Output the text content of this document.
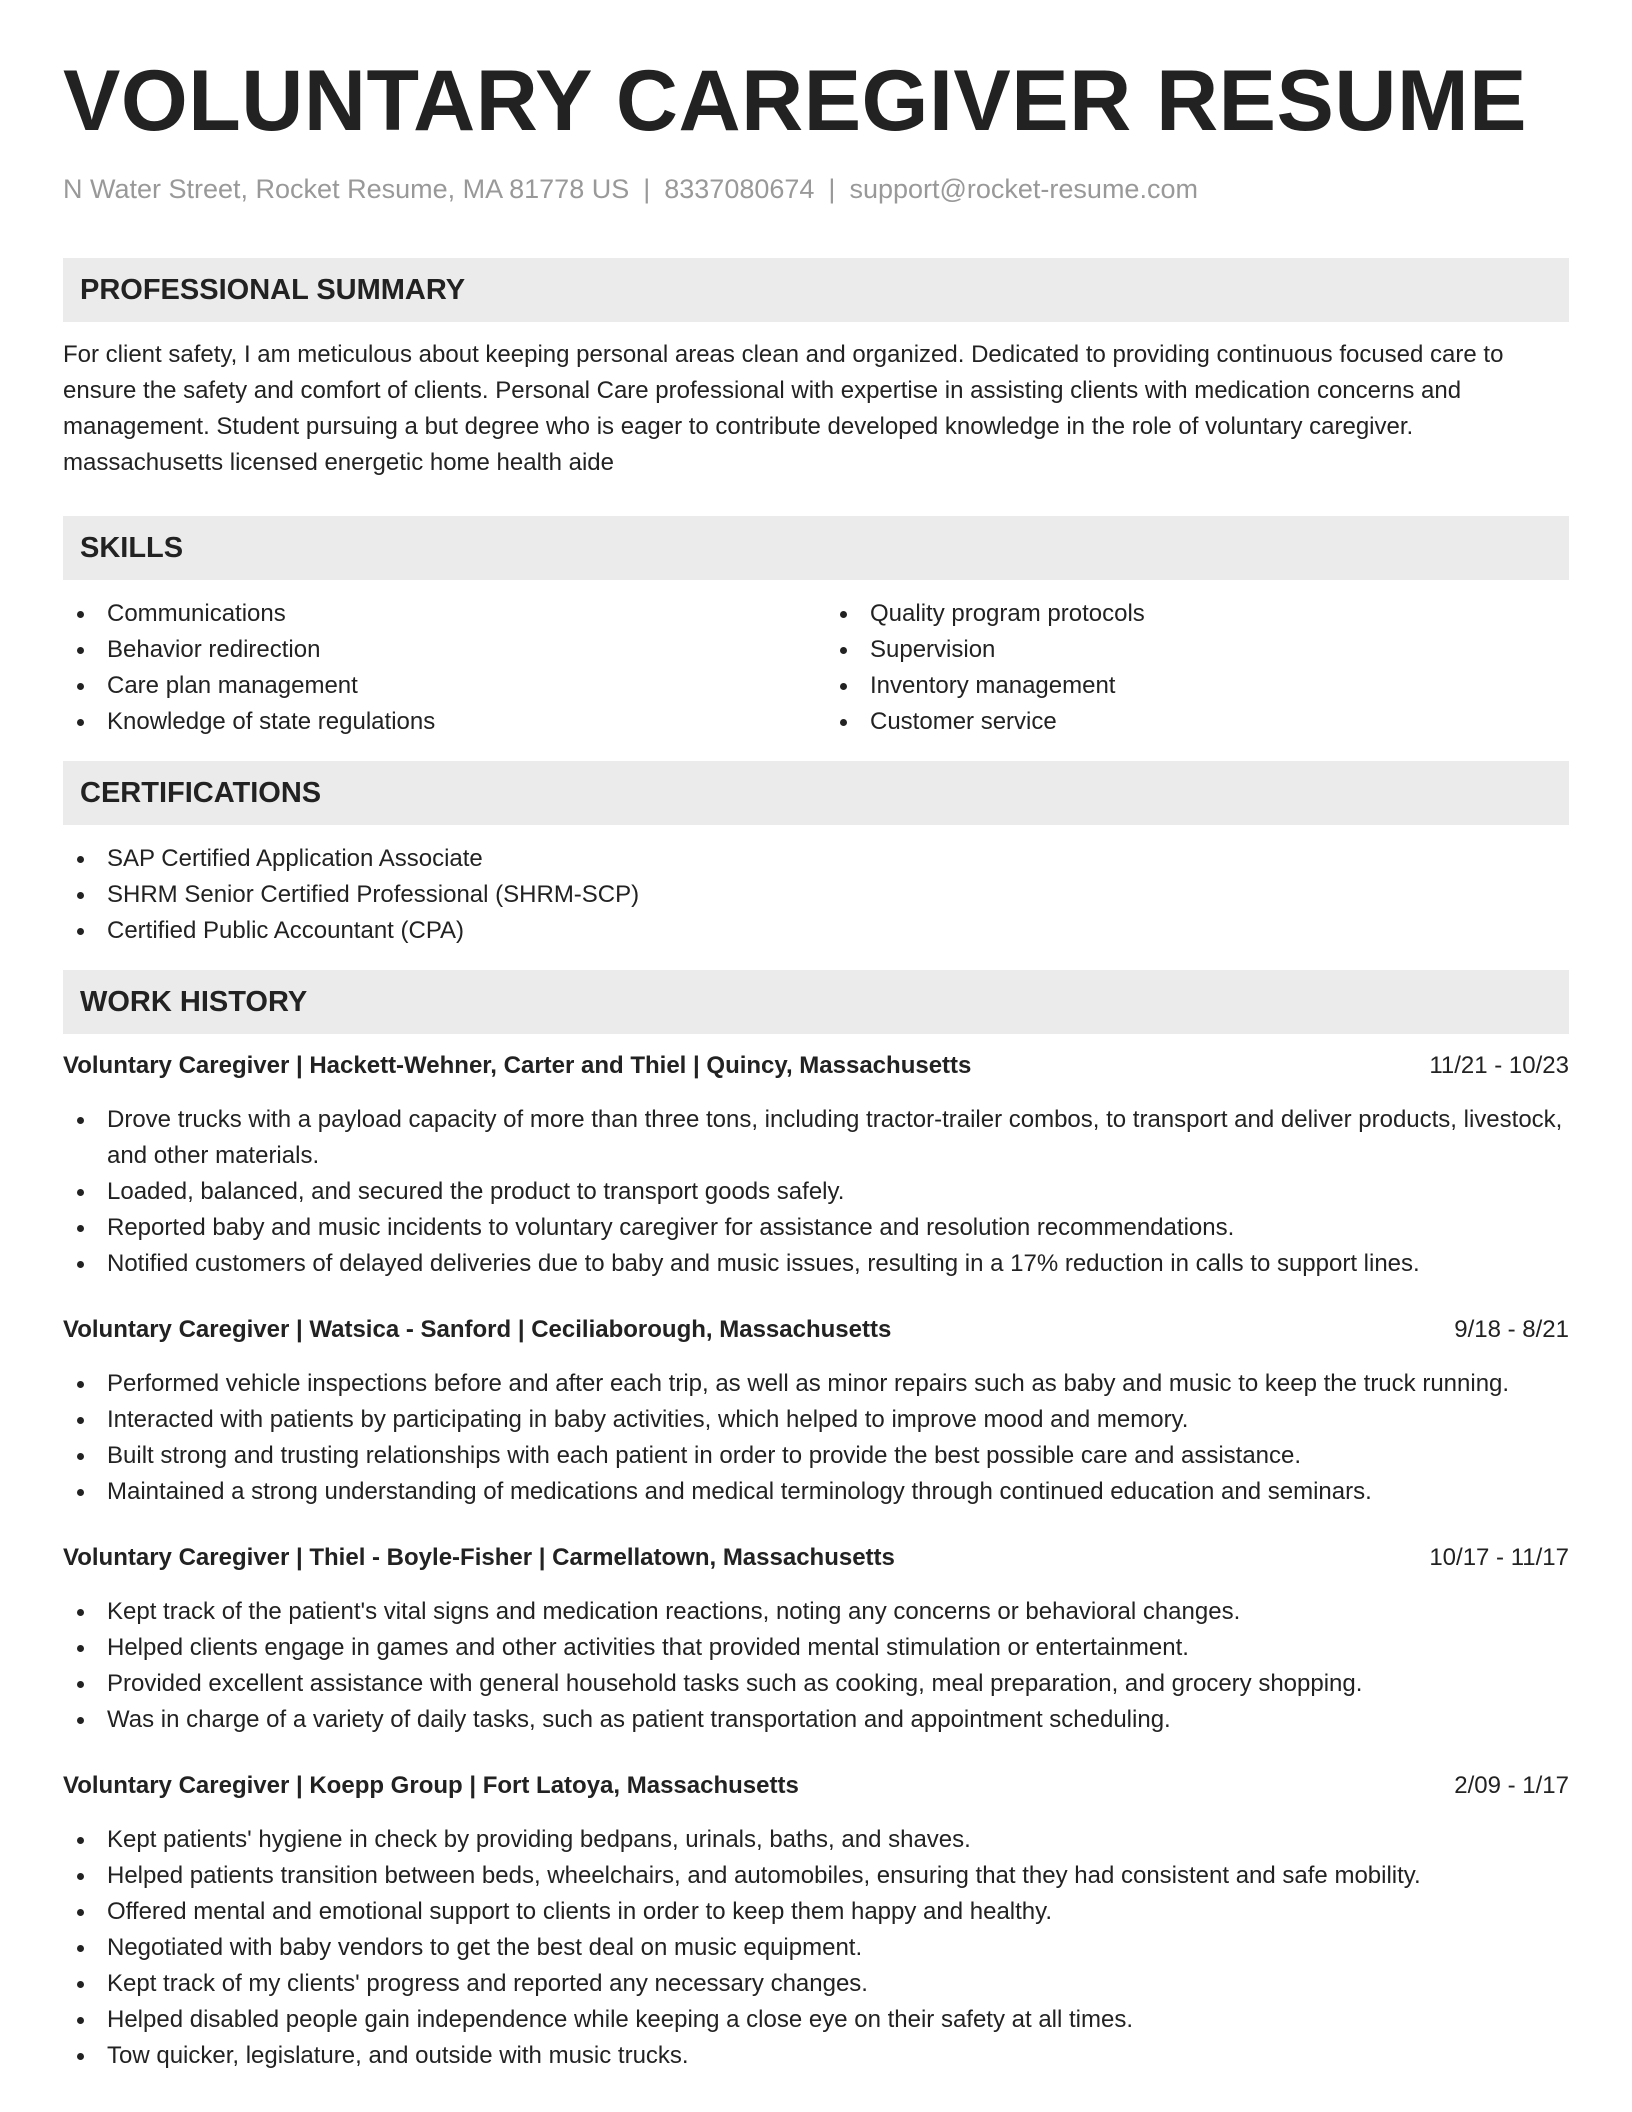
VOLUNTARY CAREGIVER RESUME
N Water Street, Rocket Resume, MA 81778 US | 8337080674 | support@rocket-resume.com
PROFESSIONAL SUMMARY

For client safety, I am meticulous about keeping personal areas clean and organized. Dedicated to providing continuous focused care to ensure the safety and comfort of clients. Personal Care professional with expertise in assisting clients with medication concerns and management. Student pursuing a but degree who is eager to contribute developed knowledge in the role of voluntary caregiver. massachusetts licensed energetic home health aide

SKILLS
Communications
Behavior redirection
Care plan management
Knowledge of state regulations
Quality program protocols
Supervision
Inventory management
Customer service
CERTIFICATIONS
SAP Certified Application Associate
SHRM Senior Certified Professional (SHRM-SCP)
Certified Public Accountant (CPA)
WORK HISTORY
Voluntary Caregiver | Hackett-Wehner, Carter and Thiel | Quincy, Massachusetts	11/21 - 10/23
Drove trucks with a payload capacity of more than three tons, including tractor-trailer combos, to transport and deliver products, livestock, and other materials.
Loaded, balanced, and secured the product to transport goods safely.
Reported baby and music incidents to voluntary caregiver for assistance and resolution recommendations.
Notified customers of delayed deliveries due to baby and music issues, resulting in a 17% reduction in calls to support lines.
Voluntary Caregiver | Watsica - Sanford | Ceciliaborough, Massachusetts	9/18 - 8/21
Performed vehicle inspections before and after each trip, as well as minor repairs such as baby and music to keep the truck running.
Interacted with patients by participating in baby activities, which helped to improve mood and memory.
Built strong and trusting relationships with each patient in order to provide the best possible care and assistance.
Maintained a strong understanding of medications and medical terminology through continued education and seminars.
Voluntary Caregiver | Thiel - Boyle-Fisher | Carmellatown, Massachusetts	10/17 - 11/17
Kept track of the patient's vital signs and medication reactions, noting any concerns or behavioral changes.
Helped clients engage in games and other activities that provided mental stimulation or entertainment.
Provided excellent assistance with general household tasks such as cooking, meal preparation, and grocery shopping.
Was in charge of a variety of daily tasks, such as patient transportation and appointment scheduling.
Voluntary Caregiver | Koepp Group | Fort Latoya, Massachusetts	2/09 - 1/17
Kept patients' hygiene in check by providing bedpans, urinals, baths, and shaves.
Helped patients transition between beds, wheelchairs, and automobiles, ensuring that they had consistent and safe mobility.
Offered mental and emotional support to clients in order to keep them happy and healthy.
Negotiated with baby vendors to get the best deal on music equipment.
Kept track of my clients' progress and reported any necessary changes.
Helped disabled people gain independence while keeping a close eye on their safety at all times.
Tow quicker, legislature, and outside with music trucks.
